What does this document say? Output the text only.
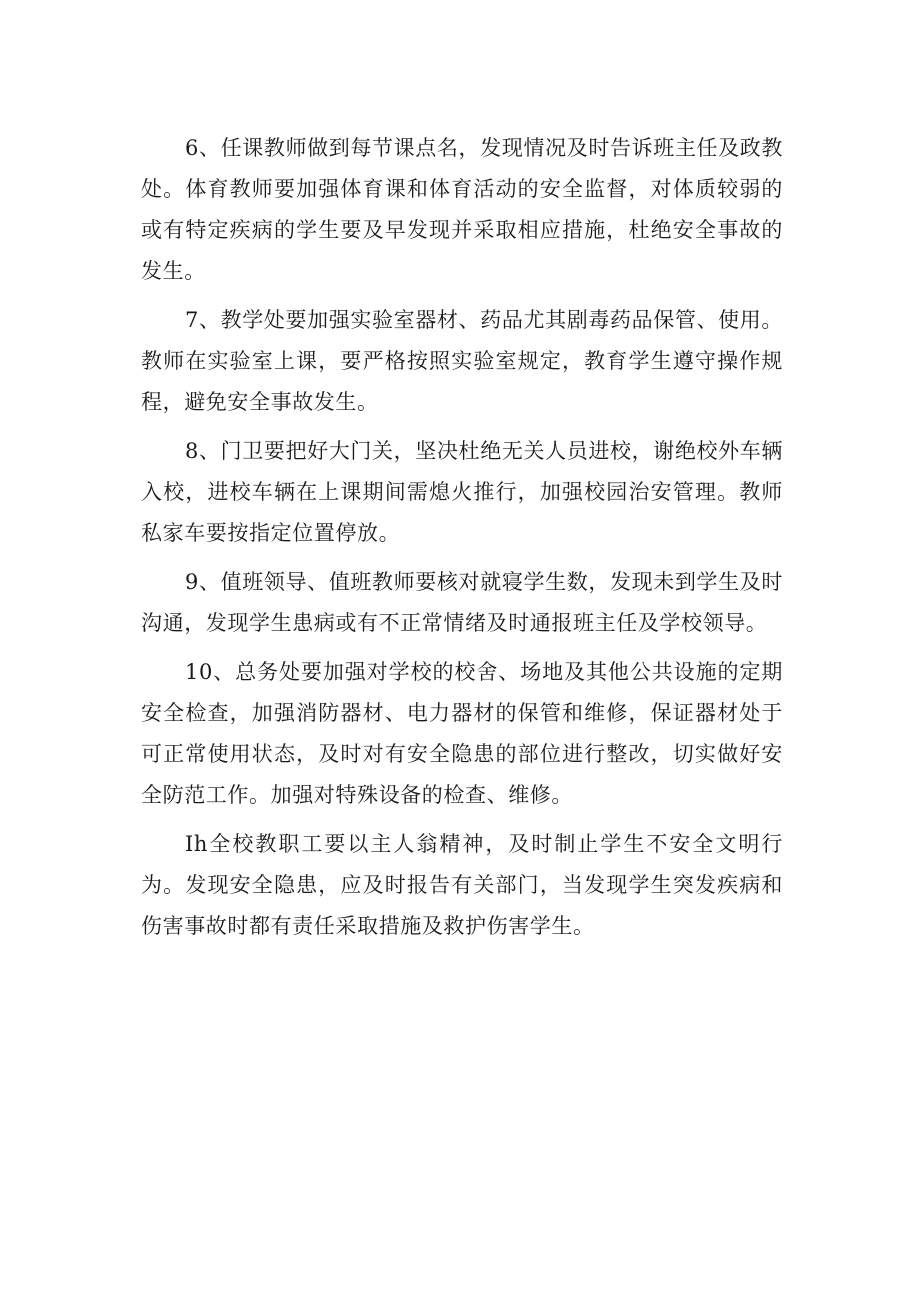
6、任课教师做到每节课点名，发现情况及时告诉班主任及政教处。体育教师要加强体育课和体育活动的安全监督，对体质较弱的或有特定疾病的学生要及早发现并采取相应措施，杜绝安全事故的发生。

7、教学处要加强实验室器材、药品尤其剧毒药品保管、使用。教师在实验室上课，要严格按照实验室规定，教育学生遵守操作规程，避免安全事故发生。

8、门卫要把好大门关，坚决杜绝无关人员进校，谢绝校外车辆入校，进校车辆在上课期间需熄火推行，加强校园治安管理。教师私家车要按指定位置停放。

9、值班领导、值班教师要核对就寝学生数，发现未到学生及时沟通，发现学生患病或有不正常情绪及时通报班主任及学校领导。

10、总务处要加强对学校的校舍、场地及其他公共设施的定期安全检查，加强消防器材、电力器材的保管和维修，保证器材处于可正常使用状态，及时对有安全隐患的部位进行整改，切实做好安全防范工作。加强对特殊设备的检查、维修。

Ih全校教职工要以主人翁精神，及时制止学生不安全文明行为。发现安全隐患，应及时报告有关部门，当发现学生突发疾病和伤害事故时都有责任采取措施及救护伤害学生。
